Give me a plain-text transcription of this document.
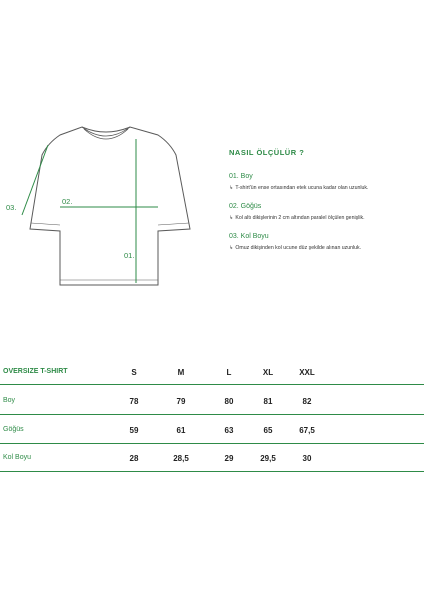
01.
02.
03.
NASIL ÖLÇÜLÜR ?
01. Boy
↳ T-shirt'ün ense ortasından etek ucuna kadar olan uzunluk.
02. Göğüs
↳ Kol altı dikişlerinin 2 cm altından paralel ölçülen genişlik.
03. Kol Boyu
↳ Omuz dikişinden kol ucune düz şekilde alınan uzunluk.
OVERSIZE T-SHIRT	S	M	L	XL	XXL
Boy	78	79	80	81	82
Göğüs	59	61	63	65	67,5
Kol Boyu	28	28,5	29	29,5	30
